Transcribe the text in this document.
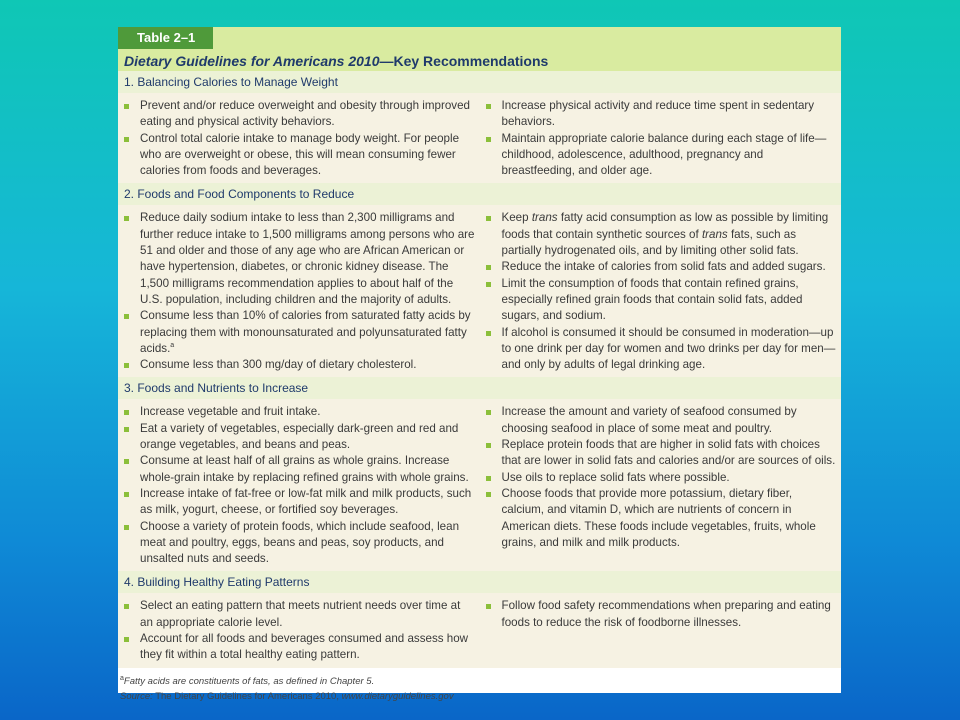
Table 2–1
Dietary Guidelines for Americans 2010—Key Recommendations
1. Balancing Calories to Manage Weight
Prevent and/or reduce overweight and obesity through improved eating and physical activity behaviors.
Control total calorie intake to manage body weight. For people who are overweight or obese, this will mean consuming fewer calories from foods and beverages.
Increase physical activity and reduce time spent in sedentary behaviors.
Maintain appropriate calorie balance during each stage of life—childhood, adolescence, adulthood, pregnancy and breastfeeding, and older age.
2. Foods and Food Components to Reduce
Reduce daily sodium intake to less than 2,300 milligrams and further reduce intake to 1,500 milligrams among persons who are 51 and older and those of any age who are African American or have hypertension, diabetes, or chronic kidney disease. The 1,500 milligrams recommendation applies to about half of the U.S. population, including children and the majority of adults.
Consume less than 10% of calories from saturated fatty acids by replacing them with monounsaturated and polyunsaturated fatty acids.$^a$
Consume less than 300 mg/day of dietary cholesterol.
Keep trans fatty acid consumption as low as possible by limiting foods that contain synthetic sources of trans fats, such as partially hydrogenated oils, and by limiting other solid fats.
Reduce the intake of calories from solid fats and added sugars.
Limit the consumption of foods that contain refined grains, especially refined grain foods that contain solid fats, added sugars, and sodium.
If alcohol is consumed it should be consumed in moderation—up to one drink per day for women and two drinks per day for men—and only by adults of legal drinking age.
3. Foods and Nutrients to Increase
Increase vegetable and fruit intake.
Eat a variety of vegetables, especially dark-green and red and orange vegetables, and beans and peas.
Consume at least half of all grains as whole grains. Increase whole-grain intake by replacing refined grains with whole grains.
Increase intake of fat-free or low-fat milk and milk products, such as milk, yogurt, cheese, or fortified soy beverages.
Choose a variety of protein foods, which include seafood, lean meat and poultry, eggs, beans and peas, soy products, and unsalted nuts and seeds.
Increase the amount and variety of seafood consumed by choosing seafood in place of some meat and poultry.
Replace protein foods that are higher in solid fats with choices that are lower in solid fats and calories and/or are sources of oils.
Use oils to replace solid fats where possible.
Choose foods that provide more potassium, dietary fiber, calcium, and vitamin D, which are nutrients of concern in American diets. These foods include vegetables, fruits, whole grains, and milk and milk products.
4. Building Healthy Eating Patterns
Select an eating pattern that meets nutrient needs over time at an appropriate calorie level.
Account for all foods and beverages consumed and assess how they fit within a total healthy eating pattern.
Follow food safety recommendations when preparing and eating foods to reduce the risk of foodborne illnesses.
$^a$Fatty acids are constituents of fats, as defined in Chapter 5.
Source: The Dietary Guidelines for Americans 2010, www.dietaryguidelines.gov
